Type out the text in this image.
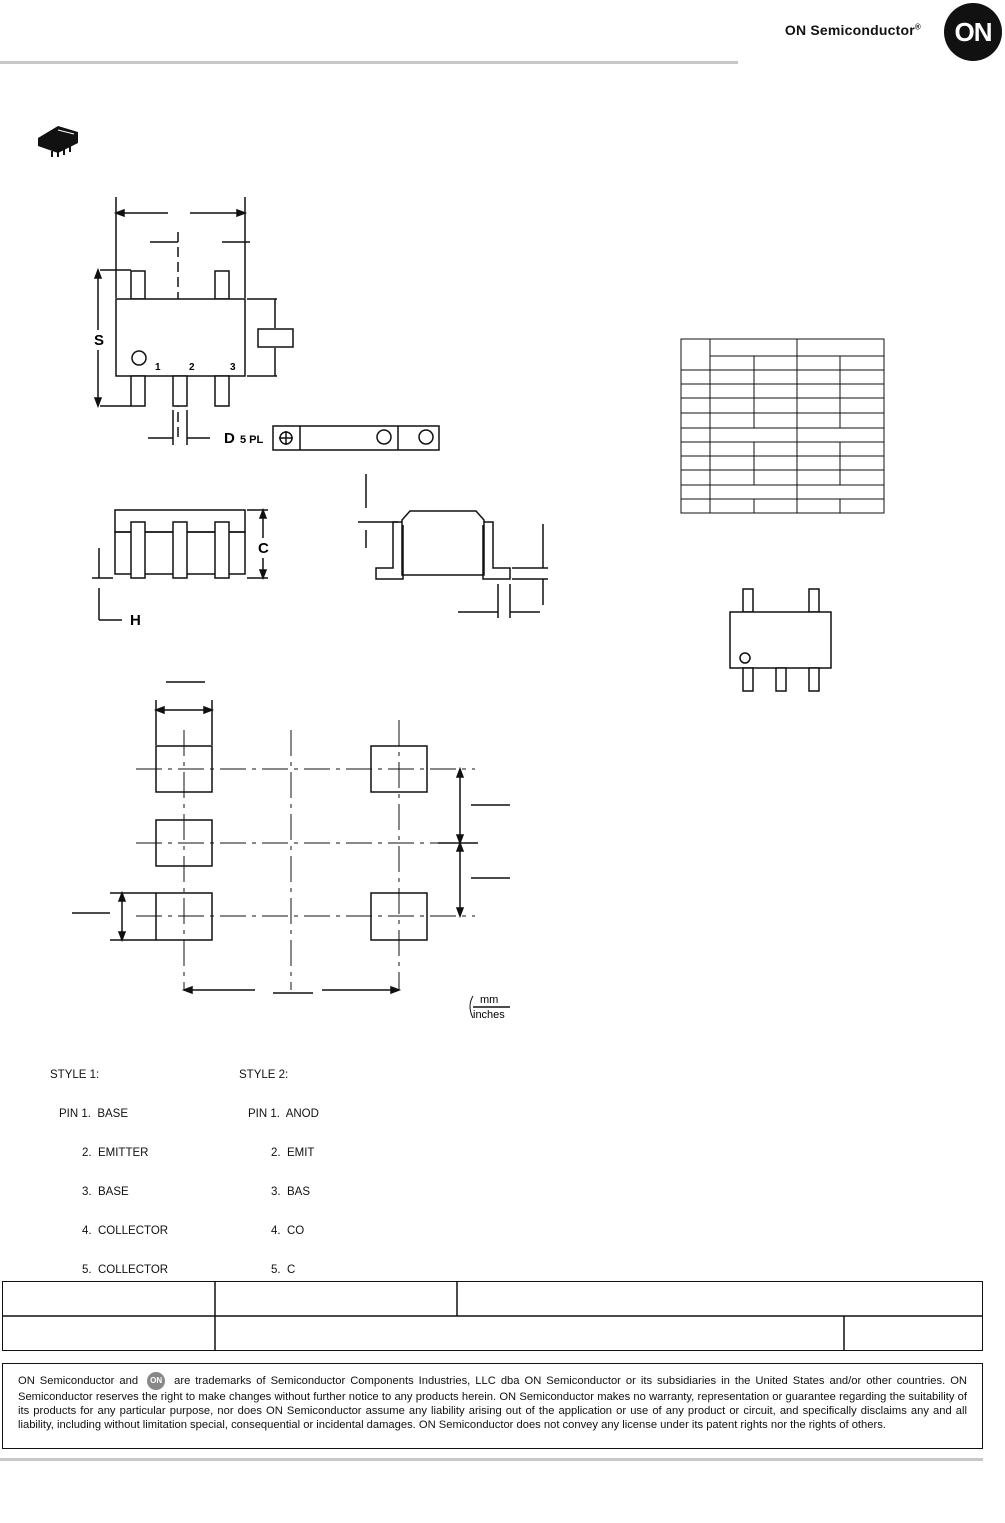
ON Semiconductor®	ON
S
1	2	3
D 5 PL
C
H
mm
inches

STYLE 1:

PIN 1.  BASE

2.  EMITTER

3.  BASE

4.  COLLECTOR

5.  COLLECTOR

STYLE 2:

PIN 1.  ANOD

2.  EMIT

3.  BAS

4.  CO

5.  C

ON Semiconductor and ON are trademarks of Semiconductor Components Industries, LLC dba ON Semiconductor or its subsidiaries in the United States and/or other countries. ON Semiconductor reserves the right to make changes without further notice to any products herein. ON Semiconductor makes no warranty, representation or guarantee regarding the suitability of its products for any particular purpose, nor does ON Semiconductor assume any liability arising out of the application or use of any product or circuit, and specifically disclaims any and all liability, including without limitation special, consequential or incidental damages. ON Semiconductor does not convey any license under its patent rights nor the rights of others.
